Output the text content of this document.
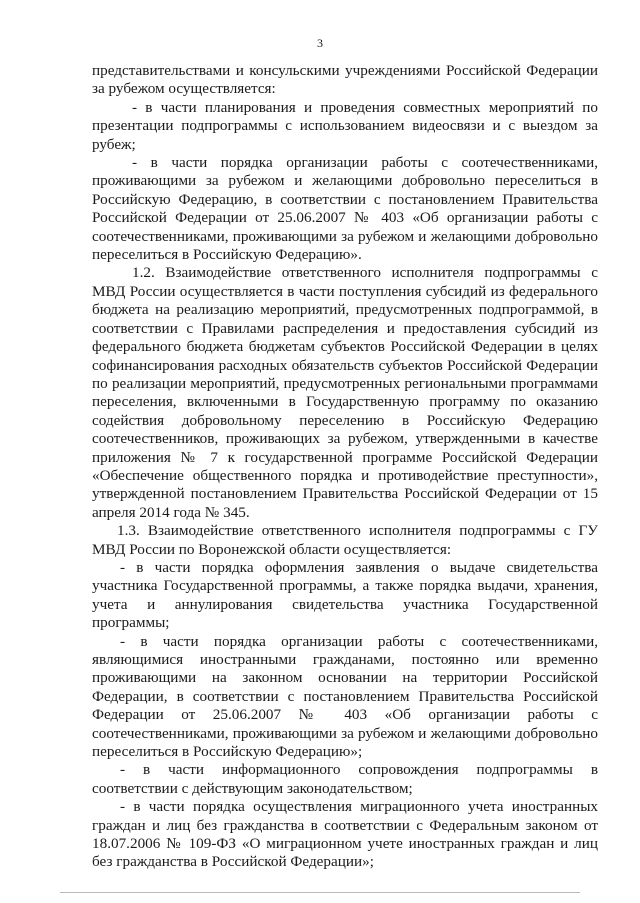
3

представительствами и консульскими учреждениями Российской Федерации за рубежом осуществляется:

- в части планирования и проведения совместных мероприятий по презентации подпрограммы с использованием видеосвязи и с выездом за рубеж;

- в части порядка организации работы с соотечественниками, проживающими за рубежом и желающими добровольно переселиться в Российскую Федерацию, в соответствии с постановлением Правительства Российской Федерации от 25.06.2007 № 403 «Об организации работы с соотечественниками, проживающими за рубежом и желающими добровольно переселиться в Российскую Федерацию».

1.2. Взаимодействие ответственного исполнителя подпрограммы с МВД России осуществляется в части поступления субсидий из федерального бюджета на реализацию мероприятий, предусмотренных подпрограммой, в соответствии с Правилами распределения и предоставления субсидий из федерального бюджета бюджетам субъектов Российской Федерации в целях софинансирования расходных обязательств субъектов Российской Федерации по реализации мероприятий, предусмотренных региональными программами переселения, включенными в Государственную программу по оказанию содействия добровольному переселению в Российскую Федерацию соотечественников, проживающих за рубежом, утвержденными в качестве приложения № 7 к государственной программе Российской Федерации «Обеспечение общественного порядка и противодействие преступности», утвержденной постановлением Правительства Российской Федерации от 15 апреля 2014 года № 345.

1.3. Взаимодействие ответственного исполнителя подпрограммы с ГУ МВД России по Воронежской области осуществляется:

- в части порядка оформления заявления о выдаче свидетельства участника Государственной программы, а также порядка выдачи, хранения, учета и аннулирования свидетельства участника Государственной программы;

- в части порядка организации работы с соотечественниками, являющимися иностранными гражданами, постоянно или временно проживающими на законном основании на территории Российской Федерации, в соответствии с постановлением Правительства Российской Федерации от 25.06.2007 № 403 «Об организации работы с соотечественниками, проживающими за рубежом и желающими добровольно переселиться в Российскую Федерацию»;

- в части информационного сопровождения подпрограммы в соответствии с действующим законодательством;

- в части порядка осуществления миграционного учета иностранных граждан и лиц без гражданства в соответствии с Федеральным законом от 18.07.2006 № 109-ФЗ «О миграционном учете иностранных граждан и лиц без гражданства в Российской Федерации»;
